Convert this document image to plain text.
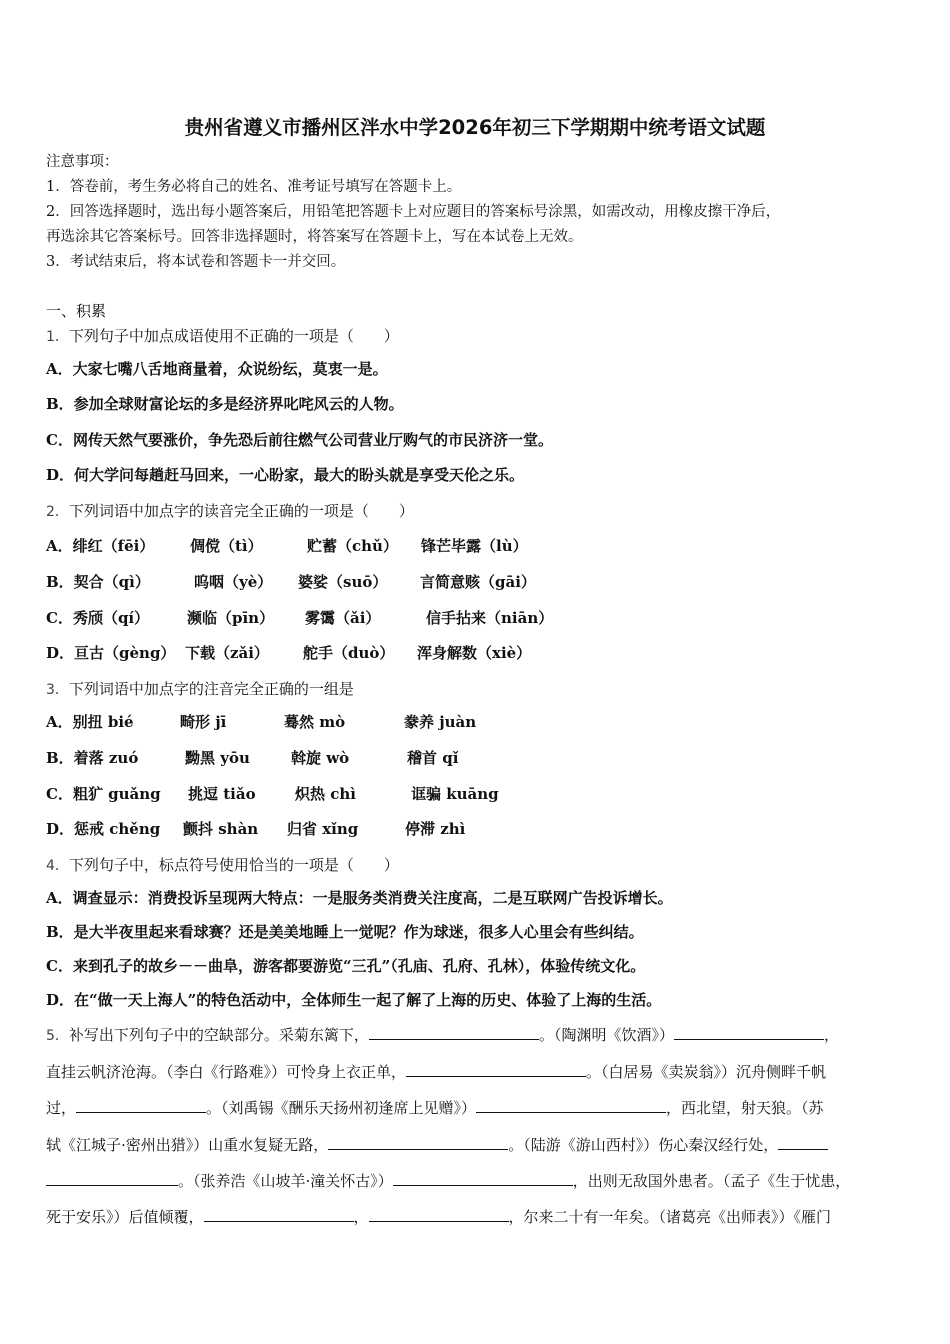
贵州省遵义市播州区泮水中学2026年初三下学期期中统考语文试题
注意事项：
1．答卷前，考生务必将自己的姓名、准考证号填写在答题卡上。
2．回答选择题时，选出每小题答案后，用铅笔把答题卡上对应题目的答案标号涂黑，如需改动，用橡皮擦干净后，
再选涂其它答案标号。回答非选择题时，将答案写在答题卡上，写在本试卷上无效。
3．考试结束后，将本试卷和答题卡一并交回。
一、积累
1．下列句子中加点成语使用不正确的一项是（　　）
A．大家七嘴八舌地商量着，众说纷纭，莫衷一是。
B．参加全球财富论坛的多是经济界叱咤风云的人物。
C．网传天然气要涨价，争先恐后前往燃气公司营业厅购气的市民济济一堂。
D．何大学问每趟赶马回来，一心盼家，最大的盼头就是享受天伦之乐。
2．下列词语中加点字的读音完全正确的一项是（　　）
A．绯红（fēi） 倜傥（tì）	贮蓄（chǔ） 锋芒毕露（lù）
B．契合（qì）	呜咽（yè） 婆娑（suō） 言简意赅（gāi）
C．秀颀（qí）	濒临（pīn） 雾霭（ǎi）	信手拈来（niān）
D．亘古（gèng） 下载（zǎi） 舵手（duò） 浑身解数（xiè）
3．下列词语中加点字的注音完全正确的一组是
A．别扭 bié	畸形 jī	蓦然 mò	豢养 juàn
B．着落 zuó	黝黑 yōu	斡旋 wò	稽首 qǐ
C．粗犷 guǎng 挑逗 tiǎo	炽热 chì	诓骗 kuāng
D．惩戒 chěng 颤抖 shàn 归省 xǐng	停滞 zhì
4．下列句子中，标点符号使用恰当的一项是（　　）
A．调查显示：消费投诉呈现两大特点：一是服务类消费关注度高，二是互联网广告投诉增长。
B．是大半夜里起来看球赛？还是美美地睡上一觉呢？作为球迷，很多人心里会有些纠结。
C．来到孔子的故乡－－曲阜，游客都要游览“三孔”（孔庙、孔府、孔林），体验传统文化。
D．在“做一天上海人”的特色活动中，全体师生一起了解了上海的历史、体验了上海的生活。
5．补写出下列句子中的空缺部分。采菊东篱下，	。（陶渊明《饮酒》）	，
直挂云帆济沧海。（李白《行路难》）可怜身上衣正单，	。（白居易《卖炭翁》）沉舟侧畔千帆
过，	。（刘禹锡《酬乐天扬州初逢席上见赠》）	，西北望，射天狼。（苏
轼《江城子·密州出猎》）山重水复疑无路，	。（陆游《游山西村》）伤心秦汉经行处，
。（张养浩《山坡羊·潼关怀古》）	，出则无敌国外患者。（孟子《生于忧患，
死于安乐》）后值倾覆，	，	，尔来二十有一年矣。（诸葛亮《出师表》）《雁门
